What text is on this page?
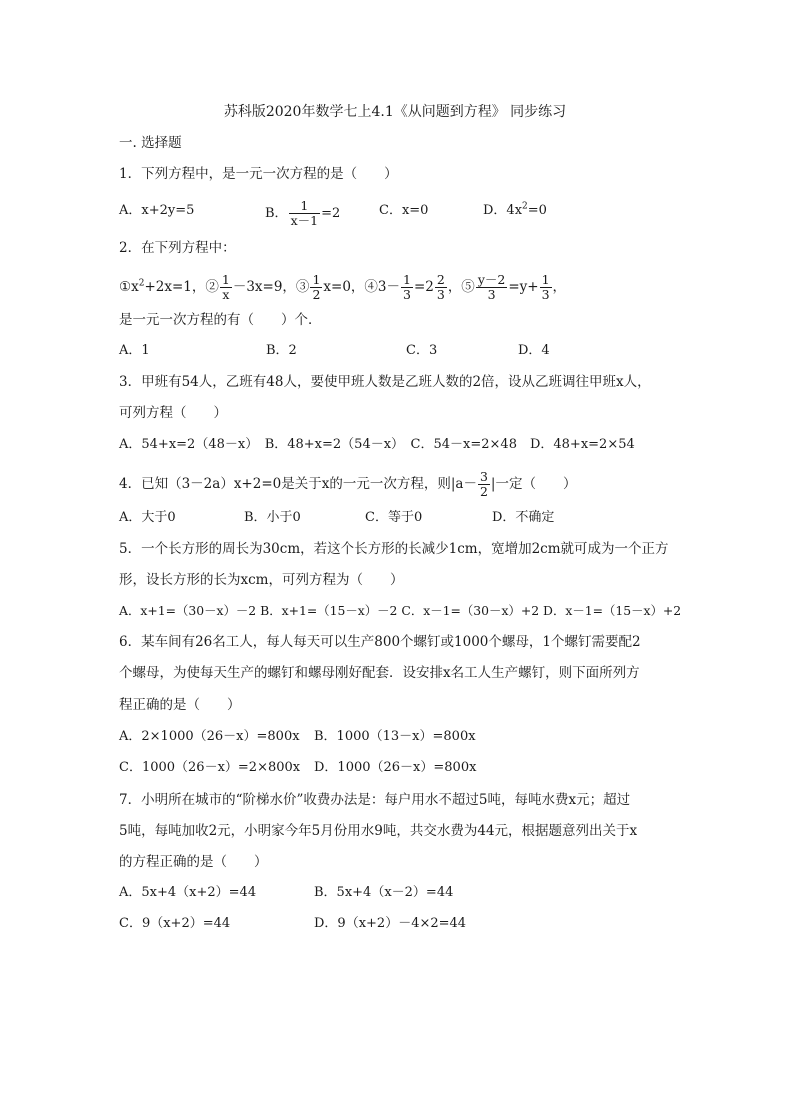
苏科版2020年数学七上4.1《从问题到方程》 同步练习
一. 选择题
1．下列方程中，是一元一次方程的是（　　）
A．x+2y=5	B． $\frac{1}{x-1} =2$	C．x=0	D．$4x^2=0$
2．在下列方程中：
$①x^2+2x=1$，② $\frac{1}{x} -3x=9$，③ $\frac{1}{2} x=0$，④3－ $\frac{1}{3} =2 \frac{2}{3}$ ，⑤ $\frac{y-2}{3} =y+ \frac{1}{3}$ ，
是一元一次方程的有（　　）个．
A．1	B．2	C．3	D．4
3．甲班有54人，乙班有48人，要使甲班人数是乙班人数的2倍，设从乙班调往甲班x人，
可列方程（　　）
A．54+x=2（48－x）　B．48+x=2（54－x）　C．54－x=2×48　D．48+x=2×54
4．已知（3－2a）x+2=0是关于x的一元一次方程，则$|a- \frac{3}{2}$ |一定（　　）
A．大于0	B．小于0	C．等于0	D．不确定
5．一个长方形的周长为30cm，若这个长方形的长减少1cm，宽增加2cm就可成为一个正方
形，设长方形的长为xcm，可列方程为（　　）
A．x+1=（30－x）－2 B．x+1=（15－x）－2 C．x－1=（30－x）+2 D．x－1=（15－x）+2
6．某车间有26名工人，每人每天可以生产800个螺钉或1000个螺母，1个螺钉需要配2
个螺母，为使每天生产的螺钉和螺母刚好配套．设安排x名工人生产螺钉，则下面所列方
程正确的是（　　）
A．2×1000（26－x）=800x B．1000（13－x）=800x
C．1000（26－x）=2×800x D．1000（26－x）=800x
7．小明所在城市的“阶梯水价”收费办法是：每户用水不超过5吨，每吨水费x元；超过
5吨，每吨加收2元，小明家今年5月份用水9吨，共交水费为44元，根据题意列出关于x
的方程正确的是（　　）
A．5x+4（x+2）=44	B．5x+4（x－2）=44
C．9（x+2）=44	D．9（x+2）－4×2=44
